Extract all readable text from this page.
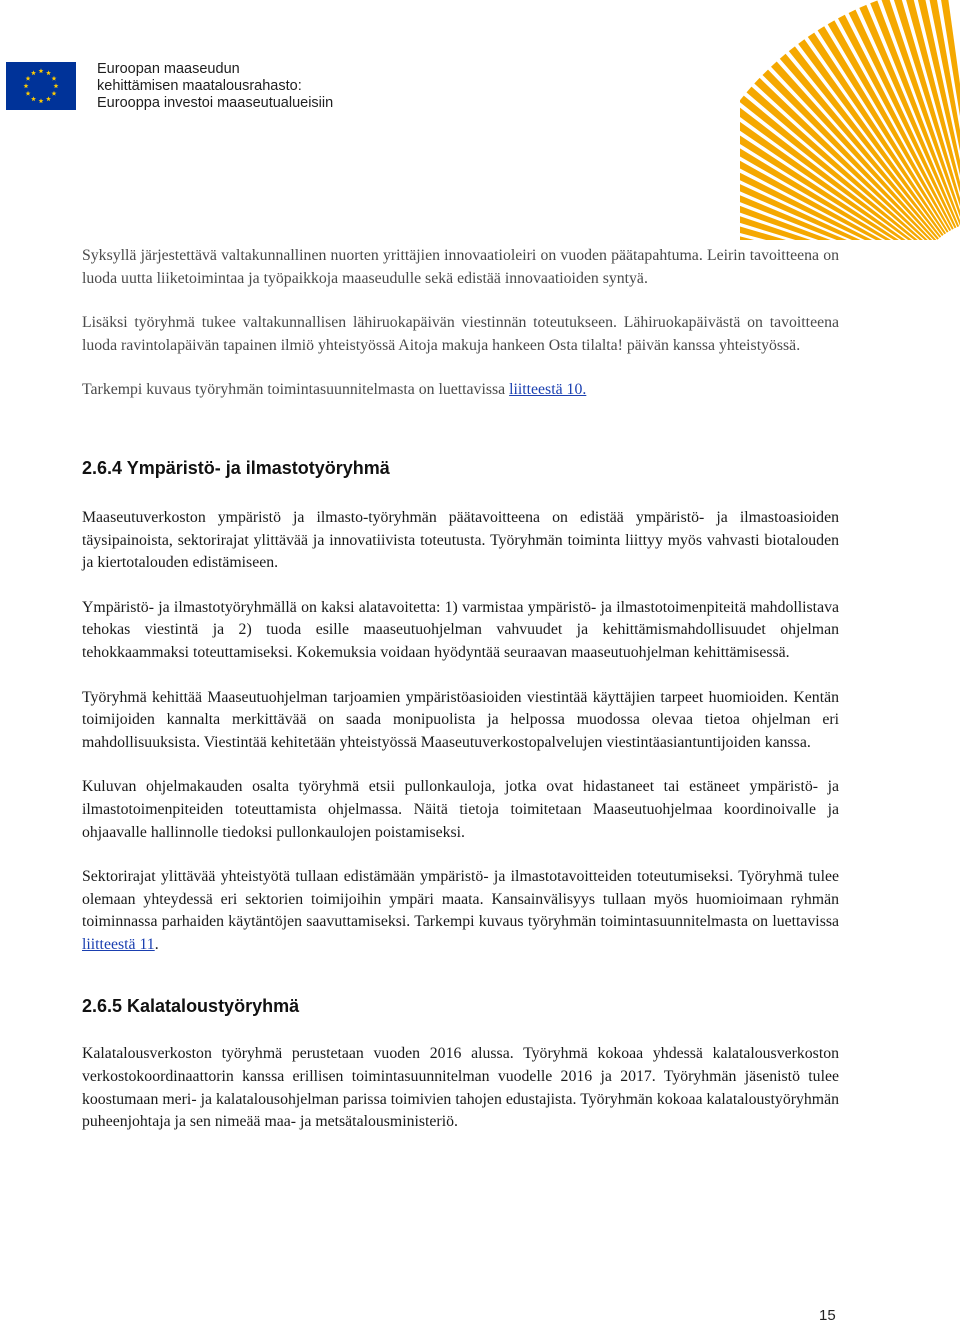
Euroopan maaseudun
kehittämisen maatalousrahasto:
Eurooppa investoi maaseutualueisiin

Syksyllä järjestettävä valtakunnallinen nuorten yrittäjien innovaatioleiri on vuoden päätapahtuma. Leirin tavoitteena on luoda uutta liiketoimintaa ja työpaikkoja maaseudulle sekä edistää innovaatioiden syntyä.

Lisäksi työryhmä tukee valtakunnallisen lähiruokapäivän viestinnän toteutukseen. Lähiruokapäivästä on tavoitteena luoda ravintolapäivän tapainen ilmiö yhteistyössä Aitoja makuja hankeen Osta tilalta! päivän kanssa yhteistyössä.

Tarkempi kuvaus työryhmän toimintasuunnitelmasta on luettavissa liitteestä 10.

2.6.4 Ympäristö- ja ilmastotyöryhmä

Maaseutuverkoston ympäristö ja ilmasto-työryhmän päätavoitteena on edistää ympäristö- ja ilmastoasioiden täysipainoista, sektorirajat ylittävää ja innovatiivista toteutusta. Työryhmän toiminta liittyy myös vahvasti biotalouden ja kiertotalouden edistämiseen.

Ympäristö- ja ilmastotyöryhmällä on kaksi alatavoitetta: 1) varmistaa ympäristö- ja ilmastotoimenpiteitä mahdollistava tehokas viestintä ja 2) tuoda esille maaseutuohjelman vahvuudet ja kehittämismahdollisuudet ohjelman tehokkaammaksi toteuttamiseksi. Kokemuksia voidaan hyödyntää seuraavan maaseutuohjelman kehittämisessä.

Työryhmä kehittää Maaseutuohjelman tarjoamien ympäristöasioiden viestintää käyttäjien tarpeet huomioiden. Kentän toimijoiden kannalta merkittävää on saada monipuolista ja helpossa muodossa olevaa tietoa ohjelman eri mahdollisuuksista. Viestintää kehitetään yhteistyössä Maaseutuverkostopalvelujen viestintäasiantuntijoiden kanssa.

Kuluvan ohjelmakauden osalta työryhmä etsii pullonkauloja, jotka ovat hidastaneet tai estäneet ympäristö- ja ilmastotoimenpiteiden toteuttamista ohjelmassa. Näitä tietoja toimitetaan Maaseutuohjelmaa koordinoivalle ja ohjaavalle hallinnolle tiedoksi pullonkaulojen poistamiseksi.

Sektorirajat ylittävää yhteistyötä tullaan edistämään ympäristö- ja ilmastotavoitteiden toteutumiseksi. Työryhmä tulee olemaan yhteydessä eri sektorien toimijoihin ympäri maata. Kansainvälisyys tullaan myös huomioimaan ryhmän toiminnassa parhaiden käytäntöjen saavuttamiseksi. Tarkempi kuvaus työryhmän toimintasuunnitelmasta on luettavissa liitteestä 11.

2.6.5 Kalataloustyöryhmä

Kalatalousverkoston työryhmä perustetaan vuoden 2016 alussa. Työryhmä kokoaa yhdessä kalatalousverkoston verkostokoordinaattorin kanssa erillisen toimintasuunnitelman vuodelle 2016 ja 2017. Työryhmän jäsenistö tulee koostumaan meri- ja kalatalousohjelman parissa toimivien tahojen edustajista. Työryhmän kokoaa kalataloustyöryhmän puheenjohtaja ja sen nimeää maa- ja metsätalousministeriö.

15
